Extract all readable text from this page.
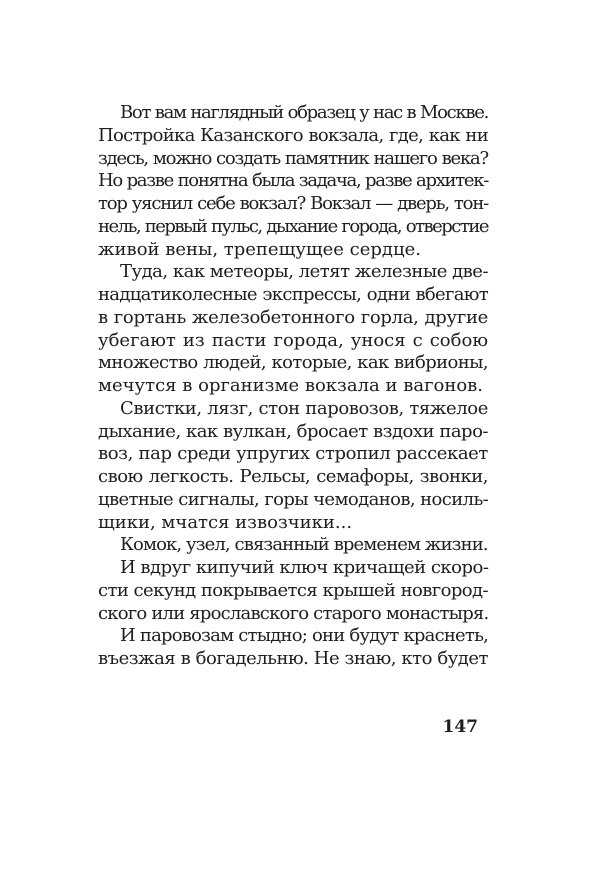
Вот вам наглядный образец у нас в Москве.
Постройка Казанского вокзала, где, как ни
здесь, можно создать памятник нашего века?
Но разве понятна была задача, разве архитек-
тор уяснил себе вокзал? Вокзал — дверь, тон-
нель, первый пульс, дыхание города, отверстие
живой вены, трепещущее сердце.
Туда, как метеоры, летят железные две-
надцатиколесные экспрессы, одни вбегают
в гортань железобетонного горла, другие
убегают из пасти города, унося с собою
множество людей, которые, как вибрионы,
мечутся в организме вокзала и вагонов.
Свистки, лязг, стон паровозов, тяжелое
дыхание, как вулкан, бросает вздохи паро-
воз, пар среди упругих стропил рассекает
свою легкость. Рельсы, семафоры, звонки,
цветные сигналы, горы чемоданов, носиль-
щики, мчатся извозчики...
Комок, узел, связанный временем жизни.
И вдруг кипучий ключ кричащей скоро-
сти секунд покрывается крышей новгород-
ского или ярославского старого монастыря.
И паровозам стыдно; они будут краснеть,
въезжая в богадельню. Не знаю, кто будет
147
